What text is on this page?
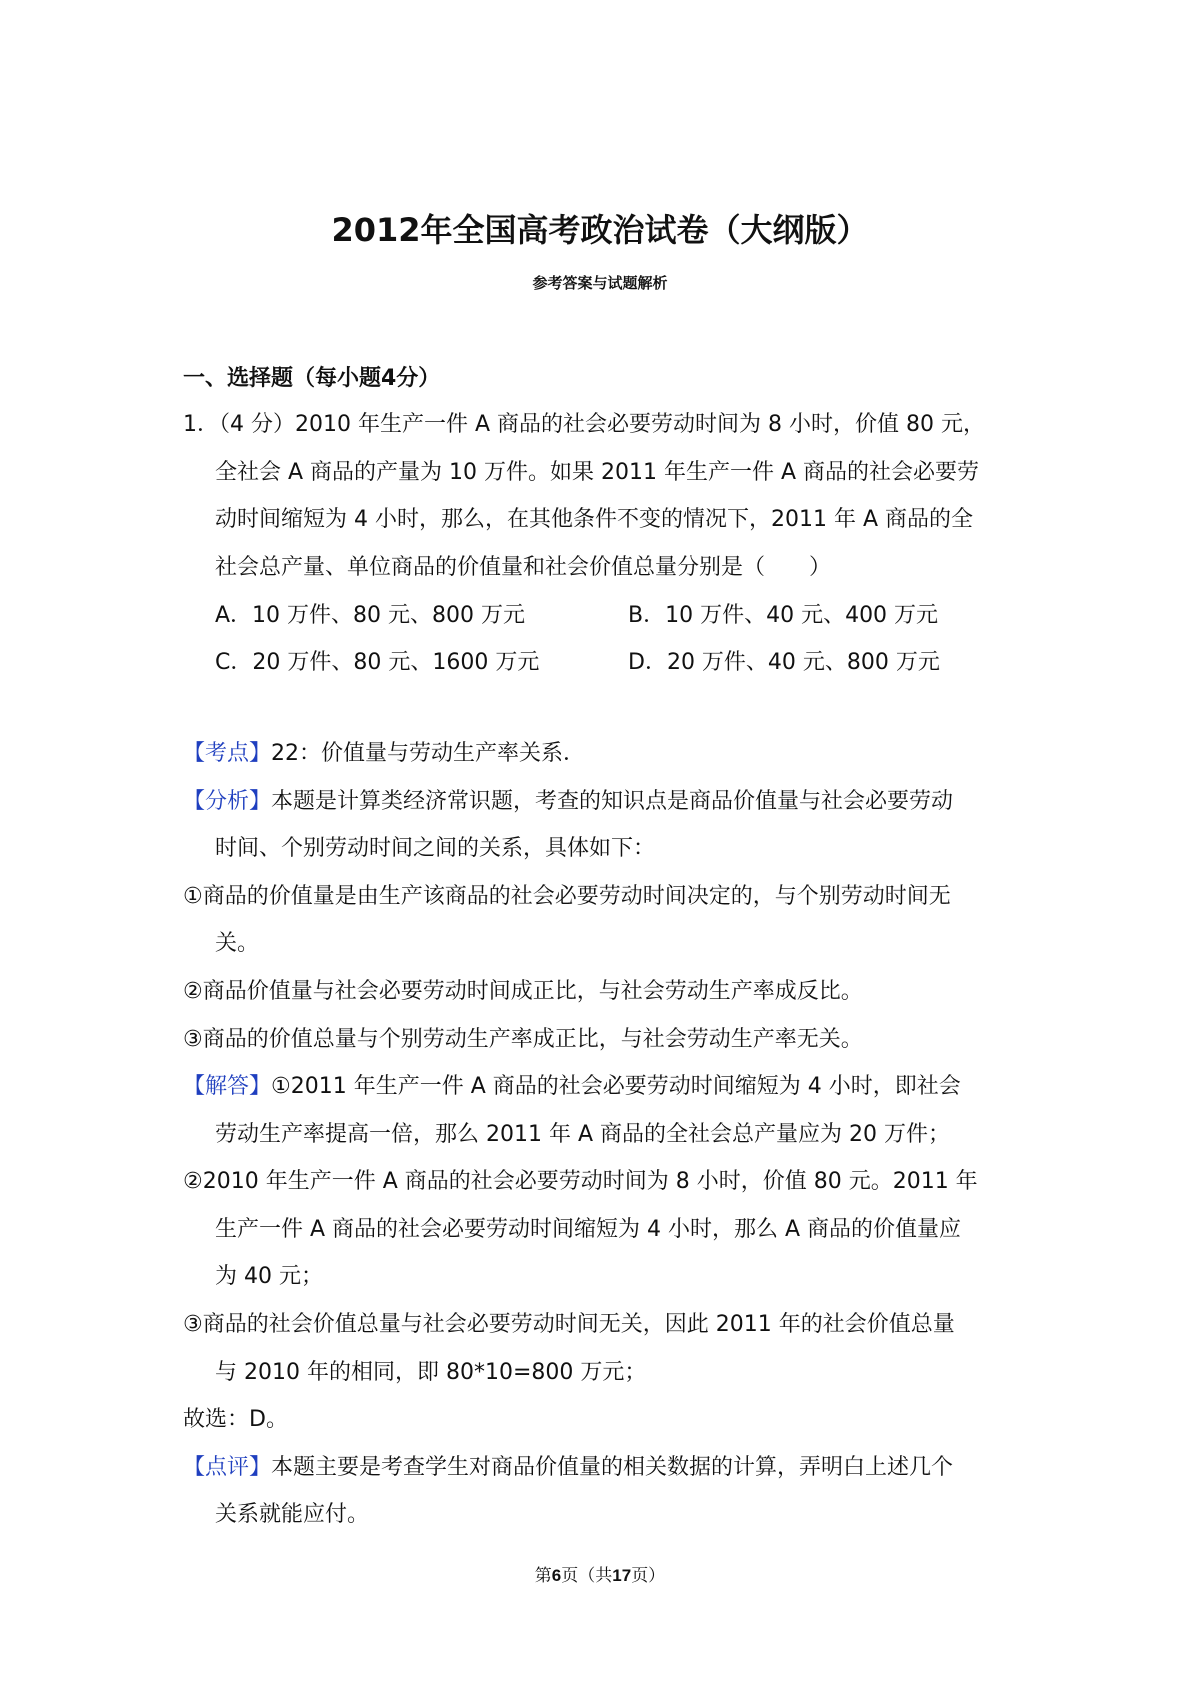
2012年全国高考政治试卷（大纲版）
参考答案与试题解析
一、选择题（每小题4分）
1．（4 分）2010 年生产一件 A 商品的社会必要劳动时间为 8 小时，价值 80 元，
全社会 A 商品的产量为 10 万件。如果 2011 年生产一件 A 商品的社会必要劳
动时间缩短为 4 小时，那么，在其他条件不变的情况下，2011 年 A 商品的全
社会总产量、单位商品的价值量和社会价值总量分别是（　　）
A．10 万件、80 元、800 万元	B．10 万件、40 元、400 万元
C．20 万件、80 元、1600 万元	D．20 万件、40 元、800 万元
【考点】22：价值量与劳动生产率关系．
【分析】本题是计算类经济常识题，考查的知识点是商品价值量与社会必要劳动
时间、个别劳动时间之间的关系，具体如下：
①商品的价值量是由生产该商品的社会必要劳动时间决定的，与个别劳动时间无
关。
②商品价值量与社会必要劳动时间成正比，与社会劳动生产率成反比。
③商品的价值总量与个别劳动生产率成正比，与社会劳动生产率无关。
【解答】①2011 年生产一件 A 商品的社会必要劳动时间缩短为 4 小时，即社会
劳动生产率提高一倍，那么 2011 年 A 商品的全社会总产量应为 20 万件；
②2010 年生产一件 A 商品的社会必要劳动时间为 8 小时，价值 80 元。2011 年
生产一件 A 商品的社会必要劳动时间缩短为 4 小时，那么 A 商品的价值量应
为 40 元；
③商品的社会价值总量与社会必要劳动时间无关，因此 2011 年的社会价值总量
与 2010 年的相同，即 80*10=800 万元；
故选：D。
【点评】本题主要是考查学生对商品价值量的相关数据的计算，弄明白上述几个
关系就能应付。
第6页（共17页）
